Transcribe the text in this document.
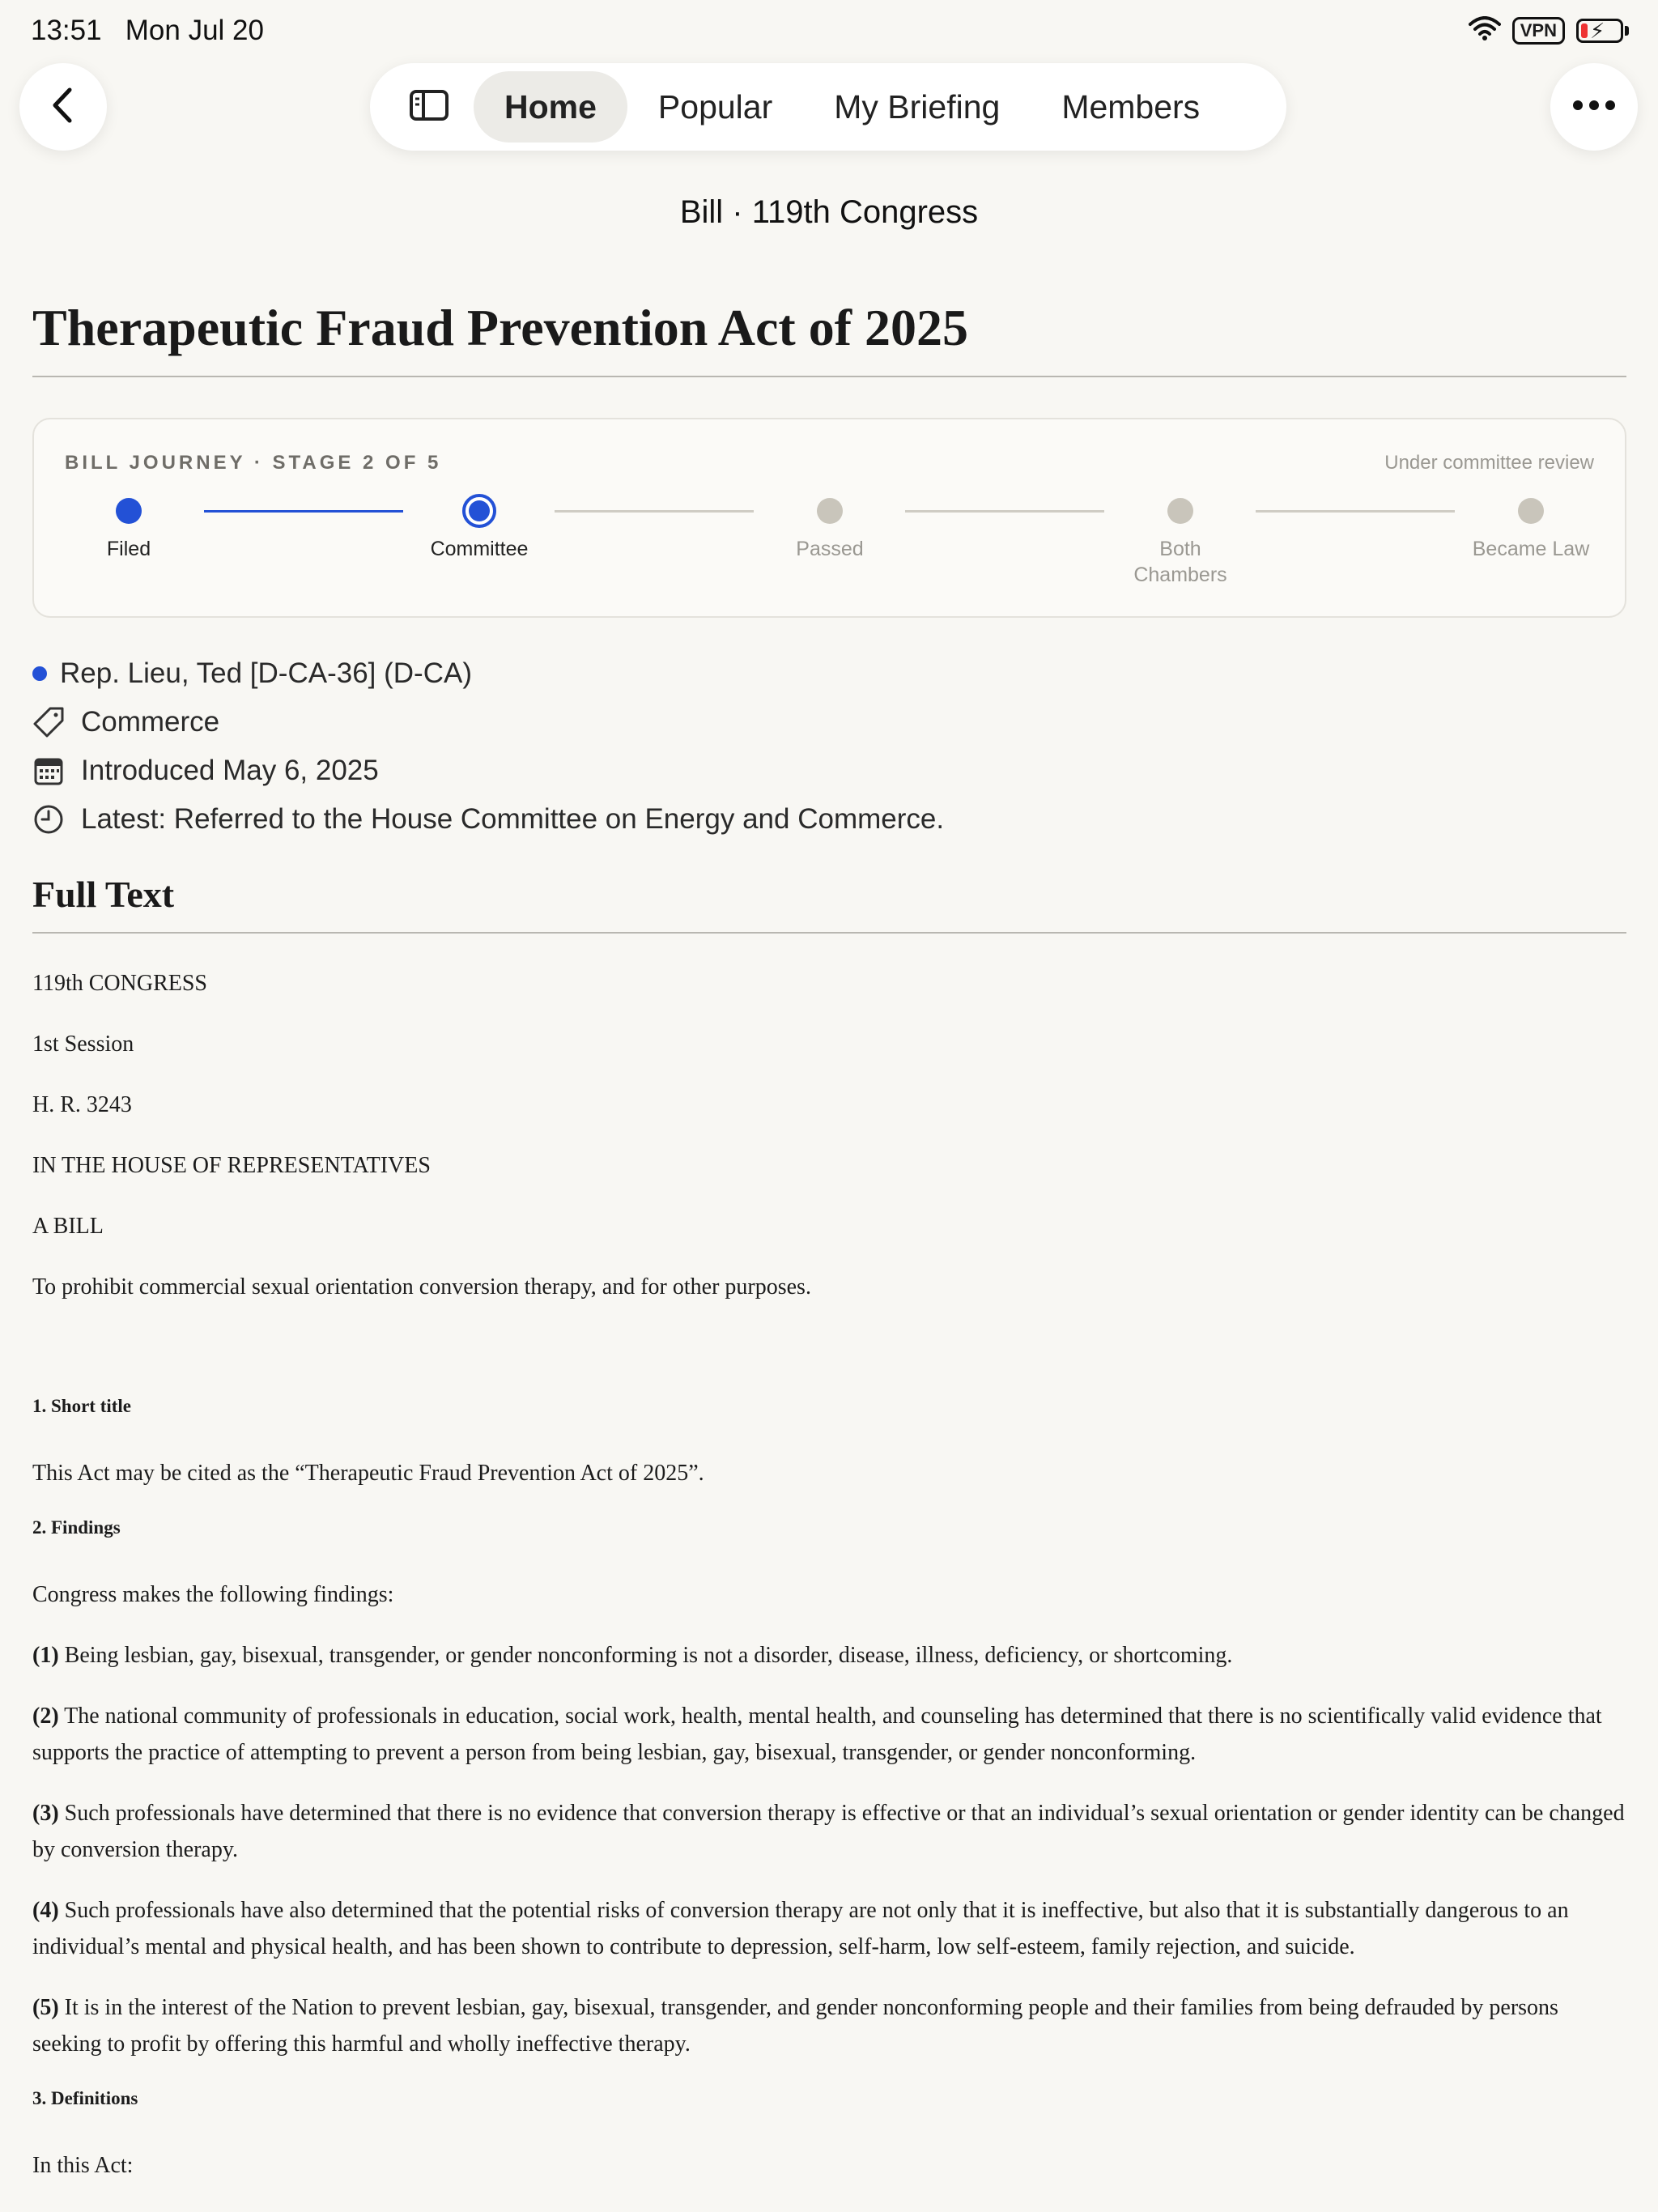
13:51 Mon Jul 20	VPN	⚡
Home	Popular	My Briefing	Members
Bill · 119th Congress
Therapeutic Fraud Prevention Act of 2025
BILL JOURNEY · STAGE 2 OF 5	Under committee review
Filed	Committee	Passed	Both Chambers
Became Law
Rep. Lieu, Ted [D-CA-36] (D-CA)
Commerce
Introduced May 6, 2025
Latest: Referred to the House Committee on Energy and Commerce.
Full Text

119th CONGRESS

1st Session

H. R. 3243

IN THE HOUSE OF REPRESENTATIVES

A BILL

To prohibit commercial sexual orientation conversion therapy, and for other purposes.

1. Short title

This Act may be cited as the “Therapeutic Fraud Prevention Act of 2025”.

2. Findings

Congress makes the following findings:

(1) Being lesbian, gay, bisexual, transgender, or gender nonconforming is not a disorder, disease, illness, deficiency, or shortcoming.

(2) The national community of professionals in education, social work, health, mental health, and counseling has determined that there is no scientifically valid evidence that supports the practice of attempting to prevent a person from being lesbian, gay, bisexual, transgender, or gender nonconforming.

(3) Such professionals have determined that there is no evidence that conversion therapy is effective or that an individual’s sexual orientation or gender identity can be changed by conversion therapy.

(4) Such professionals have also determined that the potential risks of conversion therapy are not only that it is ineffective, but also that it is substantially dangerous to an individual’s mental and physical health, and has been shown to contribute to depression, self-harm, low self-esteem, family rejection, and suicide.

(5) It is in the interest of the Nation to prevent lesbian, gay, bisexual, transgender, and gender nonconforming people and their families from being defrauded by persons seeking to profit by offering this harmful and wholly ineffective therapy.

3. Definitions

In this Act:
